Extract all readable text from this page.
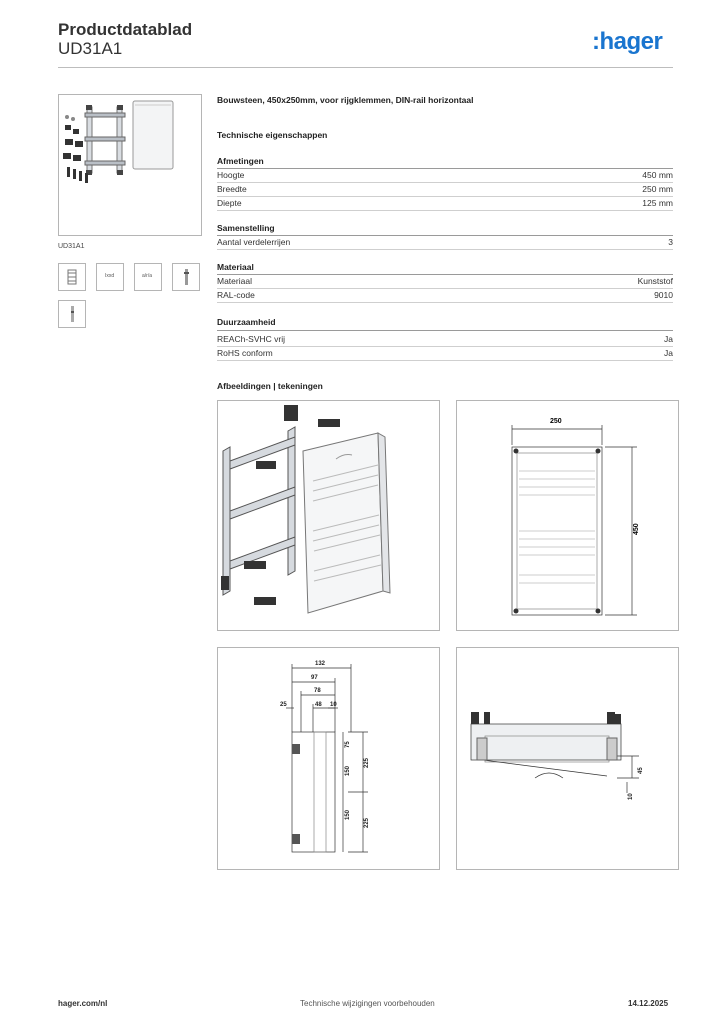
Productdatablad
UD31A1	:hager
UD31A1
Ixxd	a/r/a
Bouwsteen, 450x250mm, voor rijgklemmen, DIN-rail horizontaal
Technische eigenschappen
Afmetingen
Hoogte	450 mm
Breedte	250 mm
Diepte	125 mm
Samenstelling
Aantal verdelerrijen	3
Materiaal
Materiaal	Kunststof
RAL-code	9010
Duurzaamheid
REACh-SVHC vrij	Ja
RoHS conform	Ja
Afbeeldingen | tekeningen
250
450
132
97
78
48 10
25
75
150
225
150
225
45
10
hager.com/nl	Technische wijzigingen voorbehouden	14.12.2025
